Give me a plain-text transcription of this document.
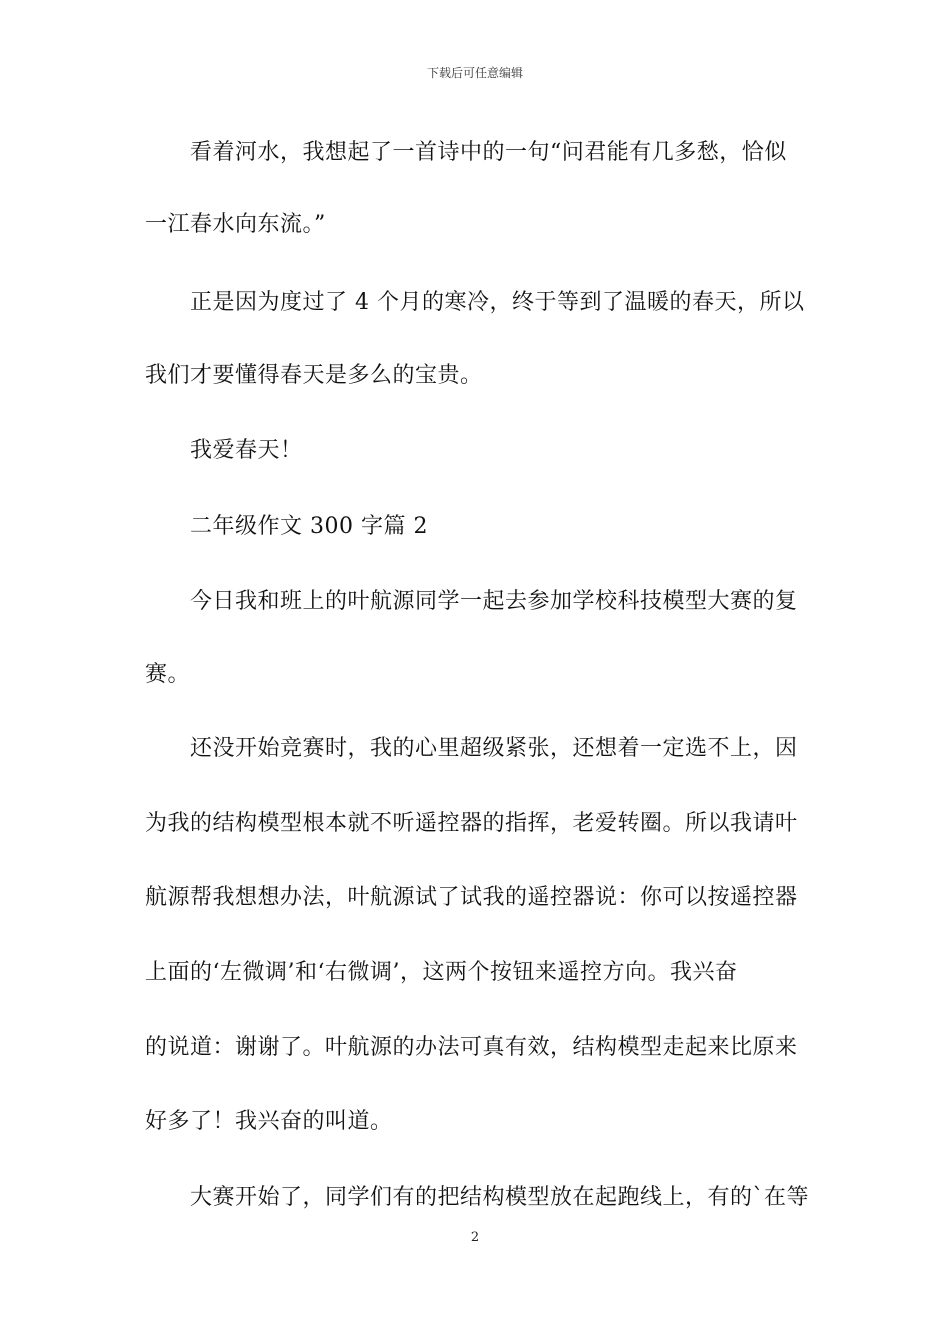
下载后可任意编辑
看着河水，我想起了一首诗中的一句“问君能有几多愁，恰似
一江春水向东流。”
正是因为度过了 4 个月的寒冷，终于等到了温暖的春天，所以
我们才要懂得春天是多么的宝贵。
我爱春天！
二年级作文 300 字篇 2
今日我和班上的叶航源同学一起去参加学校科技模型大赛的复
赛。
还没开始竞赛时，我的心里超级紧张，还想着一定选不上，因
为我的结构模型根本就不听遥控器的指挥，老爱转圈。所以我请叶
航源帮我想想办法，叶航源试了试我的遥控器说：你可以按遥控器
上面的‘左微调’和‘右微调’，这两个按钮来遥控方向。我兴奋
的说道：谢谢了。叶航源的办法可真有效，结构模型走起来比原来
好多了！我兴奋的叫道。
大赛开始了，同学们有的把结构模型放在起跑线上，有的`在等
2
